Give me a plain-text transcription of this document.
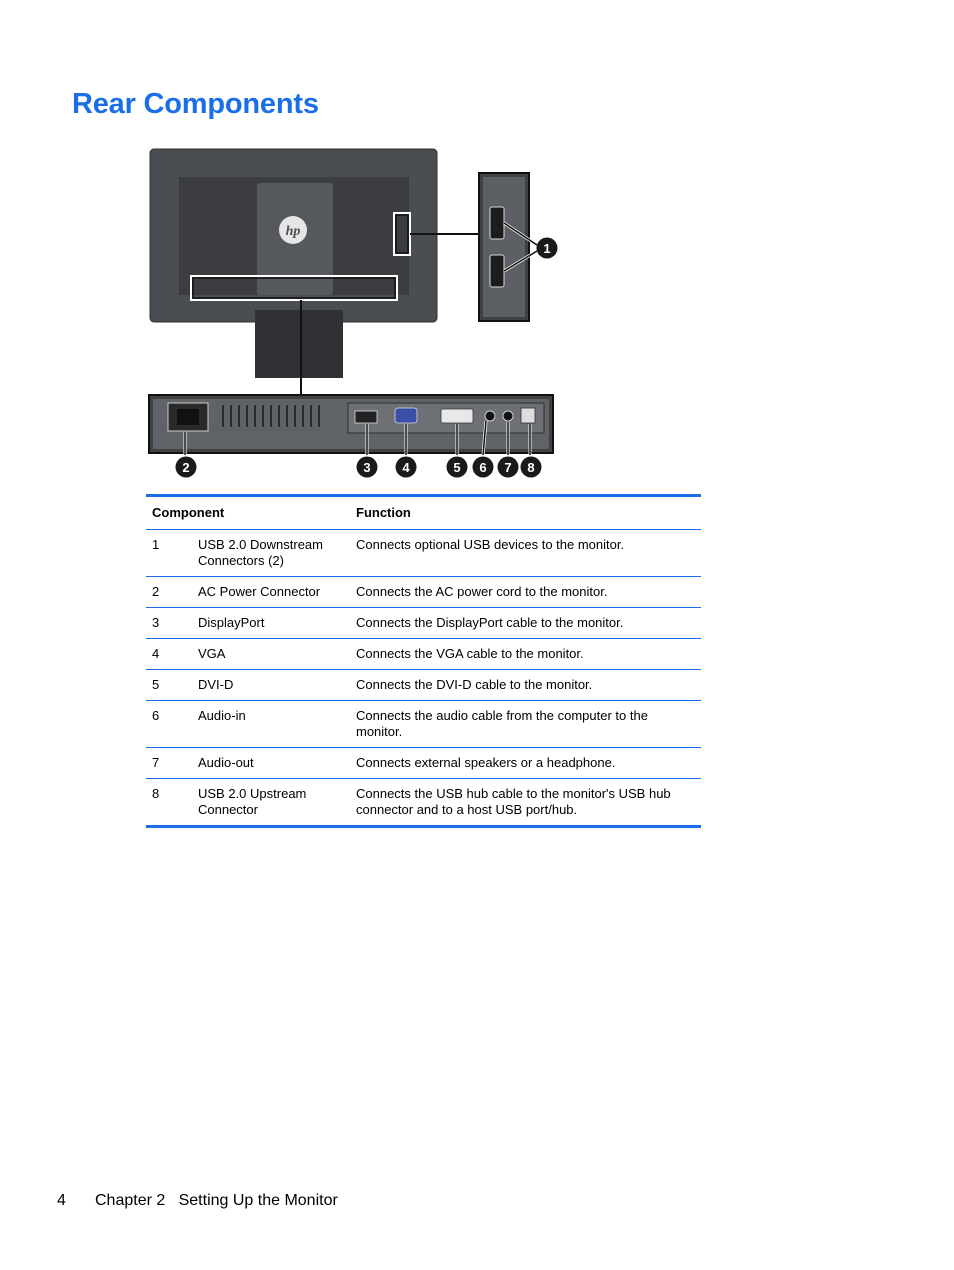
Rear Components
hp
1
2	3 4	5 6 7 8
Component		Function
1	USB 2.0 Downstream Connectors (2)	Connects optional USB devices to the monitor.
2	AC Power Connector	Connects the AC power cord to the monitor.
3	DisplayPort	Connects the DisplayPort cable to the monitor.
4	VGA	Connects the VGA cable to the monitor.
5	DVI-D	Connects the DVI-D cable to the monitor.
6	Audio-in	Connects the audio cable from the computer to the monitor.
7	Audio-out	Connects external speakers or a headphone.
8	USB 2.0 Upstream Connector	Connects the USB hub cable to the monitor's USB hub connector and to a host USB port/hub.
4 Chapter 2   Setting Up the Monitor
